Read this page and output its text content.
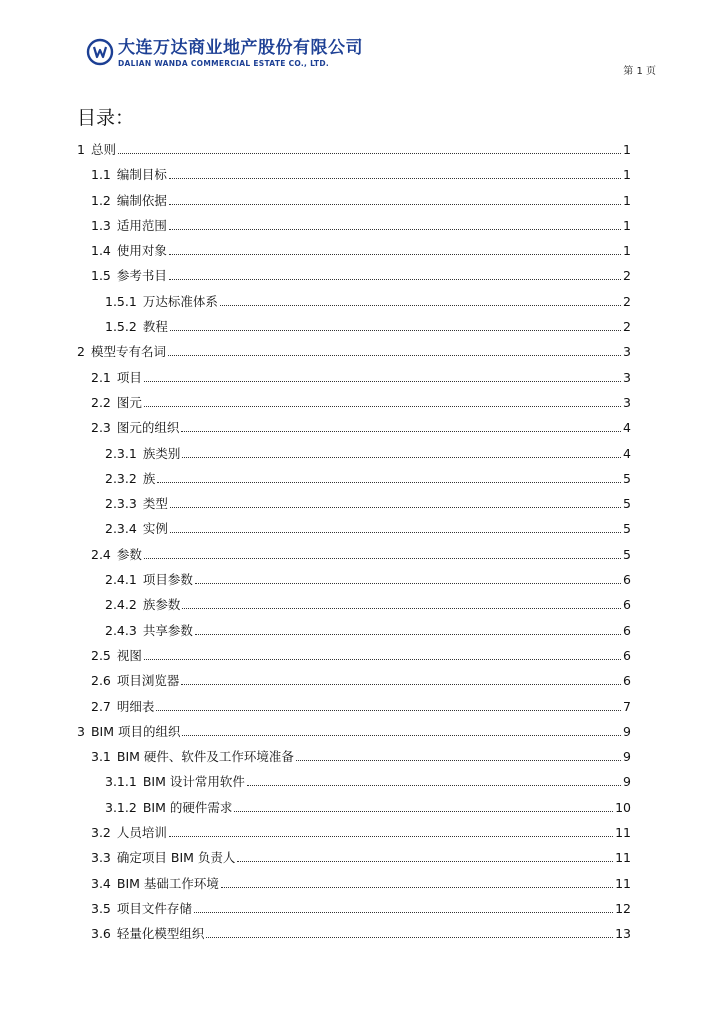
大连万达商业地产股份有限公司
DALIAN WANDA COMMERCIAL ESTATE CO., LTD.
第 1 页
目录：
1 总则	1
1.1 编制目标	1
1.2 编制依据	1
1.3 适用范围	1
1.4 使用对象	1
1.5 参考书目	2
1.5.1 万达标准体系	2
1.5.2 教程	2
2 模型专有名词	3
2.1 项目	3
2.2 图元	3
2.3 图元的组织	4
2.3.1 族类别	4
2.3.2 族	5
2.3.3 类型	5
2.3.4 实例	5
2.4 参数	5
2.4.1 项目参数	6
2.4.2 族参数	6
2.4.3 共享参数	6
2.5 视图	6
2.6 项目浏览器	6
2.7 明细表	7
3 BIM 项目的组织	9
3.1 BIM 硬件、软件及工作环境准备	9
3.1.1 BIM 设计常用软件	9
3.1.2 BIM 的硬件需求	10
3.2 人员培训	11
3.3 确定项目 BIM 负责人	11
3.4 BIM 基础工作环境	11
3.5 项目文件存储	12
3.6 轻量化模型组织	13
